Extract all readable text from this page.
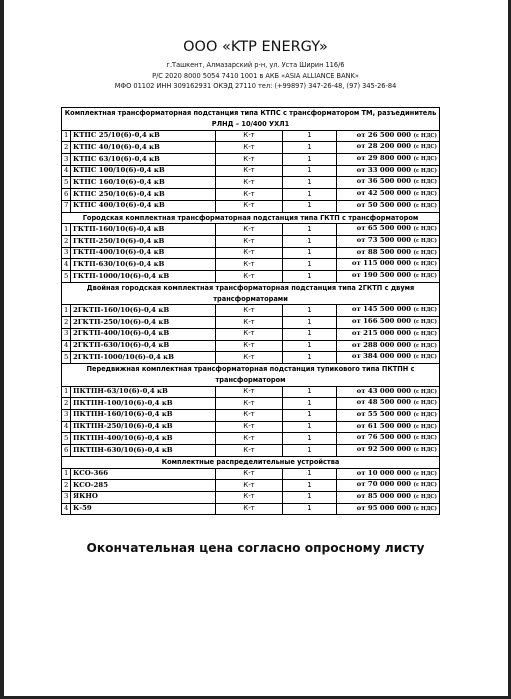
ООО «KTP ENERGY»
г.Ташкент, Алмазарский р-н, ул. Уста Ширин 116/6
Р/С 2020 8000 5054 7410 1001 в АКБ «ASIA ALLIANCE BANK»
МФО 01102 ИНН 309162931 ОКЭД 27110 тел: (+99897) 347-26-48, (97) 345-26-84
Комплектная трансформаторная подстанция типа КТПС с трансформатором ТМ, разъединитель РЛНД – 10/400 УХЛ1				
1	КТПС 25/10(6)-0,4 кВ	К-т	1	от 26 500 000 (с НДС)
2	КТПС 40/10(6)-0,4 кВ	К-т	1	от 28 200 000 (с НДС)
3	КТПС 63/10(6)-0,4 кВ	К-т	1	от 29 800 000 (с НДС)
4	КТПС 100/10(6)-0,4 кВ	К-т	1	от 33 000 000 (с НДС)
5	КТПС 160/10(6)-0,4 кВ	К-т	1	от 36 500 000 (с НДС)
6	КТПС 250/10(6)-0,4 кВ	К-т	1	от 42 500 000 (с НДС)
7	КТПС 400/10(6)-0,4 кВ	К-т	1	от 50 500 000 (с НДС)
Городская комплектная трансформаторная подстанция типа ГКТП с трансформатором				
1	ГКТП-160/10(6)-0,4 кВ	К-т	1	от 65 500 000 (с НДС)
2	ГКТП-250/10(6)-0,4 кВ	К-т	1	от 73 500 000 (с НДС)
3	ГКТП-400/10(6)-0,4 кВ	К-т	1	от 88 500 000 (с НДС)
4	ГКТП-630/10(6)-0,4 кВ	К-т	1	от 115 000 000 (с НДС)
5	ГКТП-1000/10(6)-0,4 кВ	К-т	1	от 190 500 000 (с НДС)
Двойная городская комплектная трансформаторная подстанция типа 2ГКТП с двумя трансформаторами				
1	2ГКТП-160/10(6)-0,4 кВ	К-т	1	от 145 500 000 (с НДС)
2	2ГКТП-250/10(6)-0,4 кВ	К-т	1	от 166 500 000 (с НДС)
3	2ГКТП-400/10(6)-0,4 кВ	К-т	1	от 215 000 000 (с НДС)
4	2ГКТП-630/10(6)-0,4 кВ	К-т	1	от 288 000 000 (с НДС)
5	2ГКТП-1000/10(6)-0,4 кВ	К-т	1	от 384 000 000 (с НДС)
Передвижная комплектная трансформаторная подстанция тупикового типа ПКТПН с трансформатором				
1	ПКТПН-63/10(6)-0,4 кВ	К-т	1	от 43 000 000 (с НДС)
2	ПКТПН-100/10(6)-0,4 кВ	К-т	1	от 48 500 000 (с НДС)
3	ПКТПН-160/10(6)-0,4 кВ	К-т	1	от 55 500 000 (с НДС)
4	ПКТПН-250/10(6)-0,4 кВ	К-т	1	от 61 500 000 (с НДС)
5	ПКТПН-400/10(6)-0,4 кВ	К-т	1	от 76 500 000 (с НДС)
6	ПКТПН-630/10(6)-0,4 кВ	К-т	1	от 92 500 000 (с НДС)
Комплектные распределительные устройства				
1	КСО-366	К-т	1	от 10 000 000 (с НДС)
2	КСО-285	К-т	1	от 70 000 000 (с НДС)
3	ЯКНО	К-т	1	от 85 000 000 (с НДС)
4	К-59	К-т	1	от 95 000 000 (с НДС)
Окончательная цена согласно опросному листу
